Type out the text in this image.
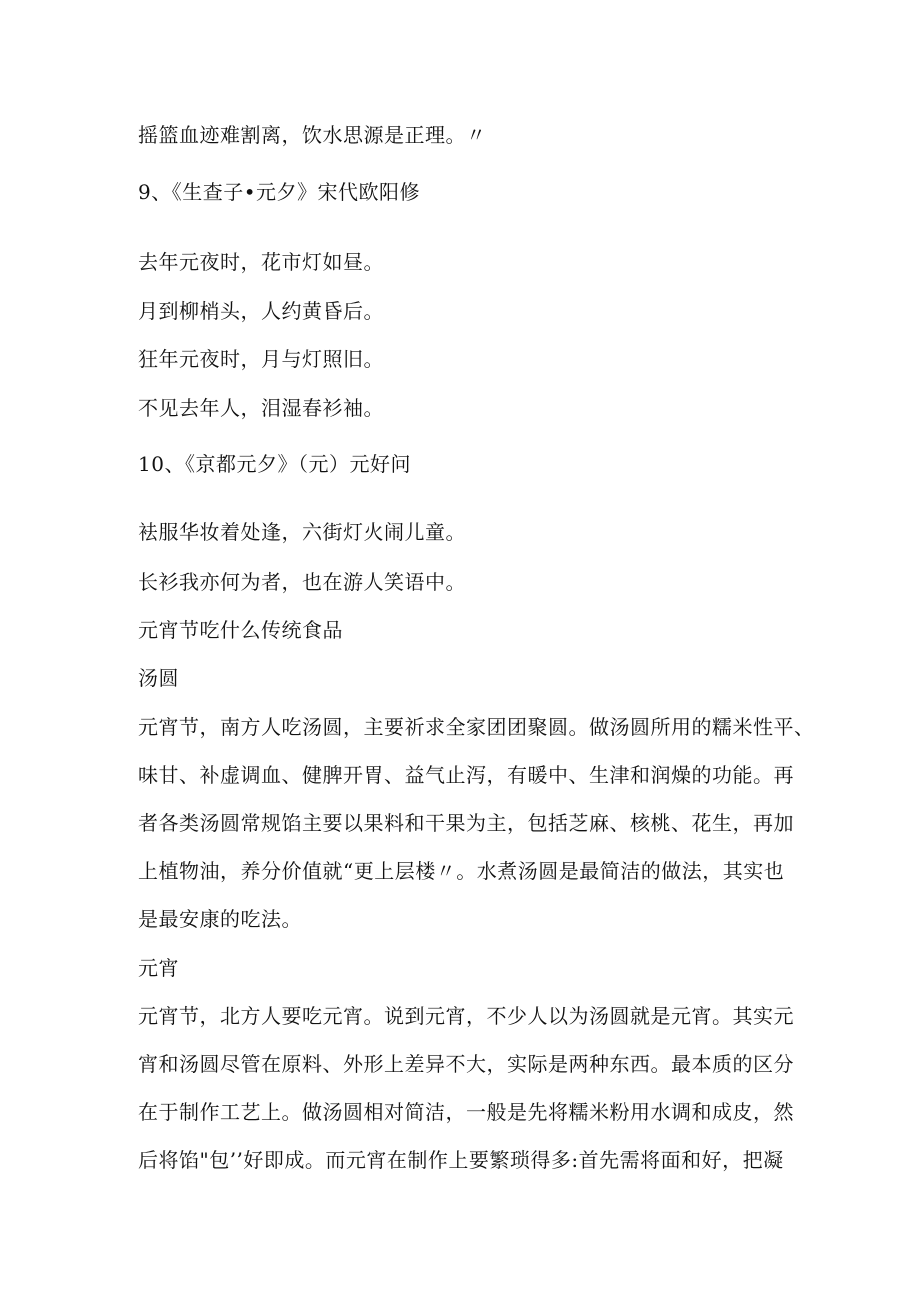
摇篮血迹难割离，饮水思源是正理。〃
9、《生查子•元夕》宋代欧阳修
去年元夜时，花市灯如昼。
月到柳梢头，人约黄昏后。
狂年元夜时，月与灯照旧。
不见去年人，泪湿春衫袖。
10、《京都元夕》（元）元好问
袪服华妆着处逢，六街灯火闹儿童。
长衫我亦何为者，也在游人笑语中。
元宵节吃什么传统食品
汤圆
元宵节，南方人吃汤圆，主要祈求全家团团聚圆。做汤圆所用的糯米性平、
味甘、补虚调血、健脾开胃、益气止泻，有暖中、生津和润燥的功能。再
者各类汤圆常规馅主要以果料和干果为主，包括芝麻、核桃、花生，再加
上植物油，养分价值就“更上层楼〃。水煮汤圆是最简洁的做法，其实也
是最安康的吃法。
元宵
元宵节，北方人要吃元宵。说到元宵，不少人以为汤圆就是元宵。其实元
宵和汤圆尽管在原料、外形上差异不大，实际是两种东西。最本质的区分
在于制作工艺上。做汤圆相对简洁，一般是先将糯米粉用水调和成皮，然
后将馅"包’’好即成。而元宵在制作上要繁琐得多:首先需将面和好，把凝
